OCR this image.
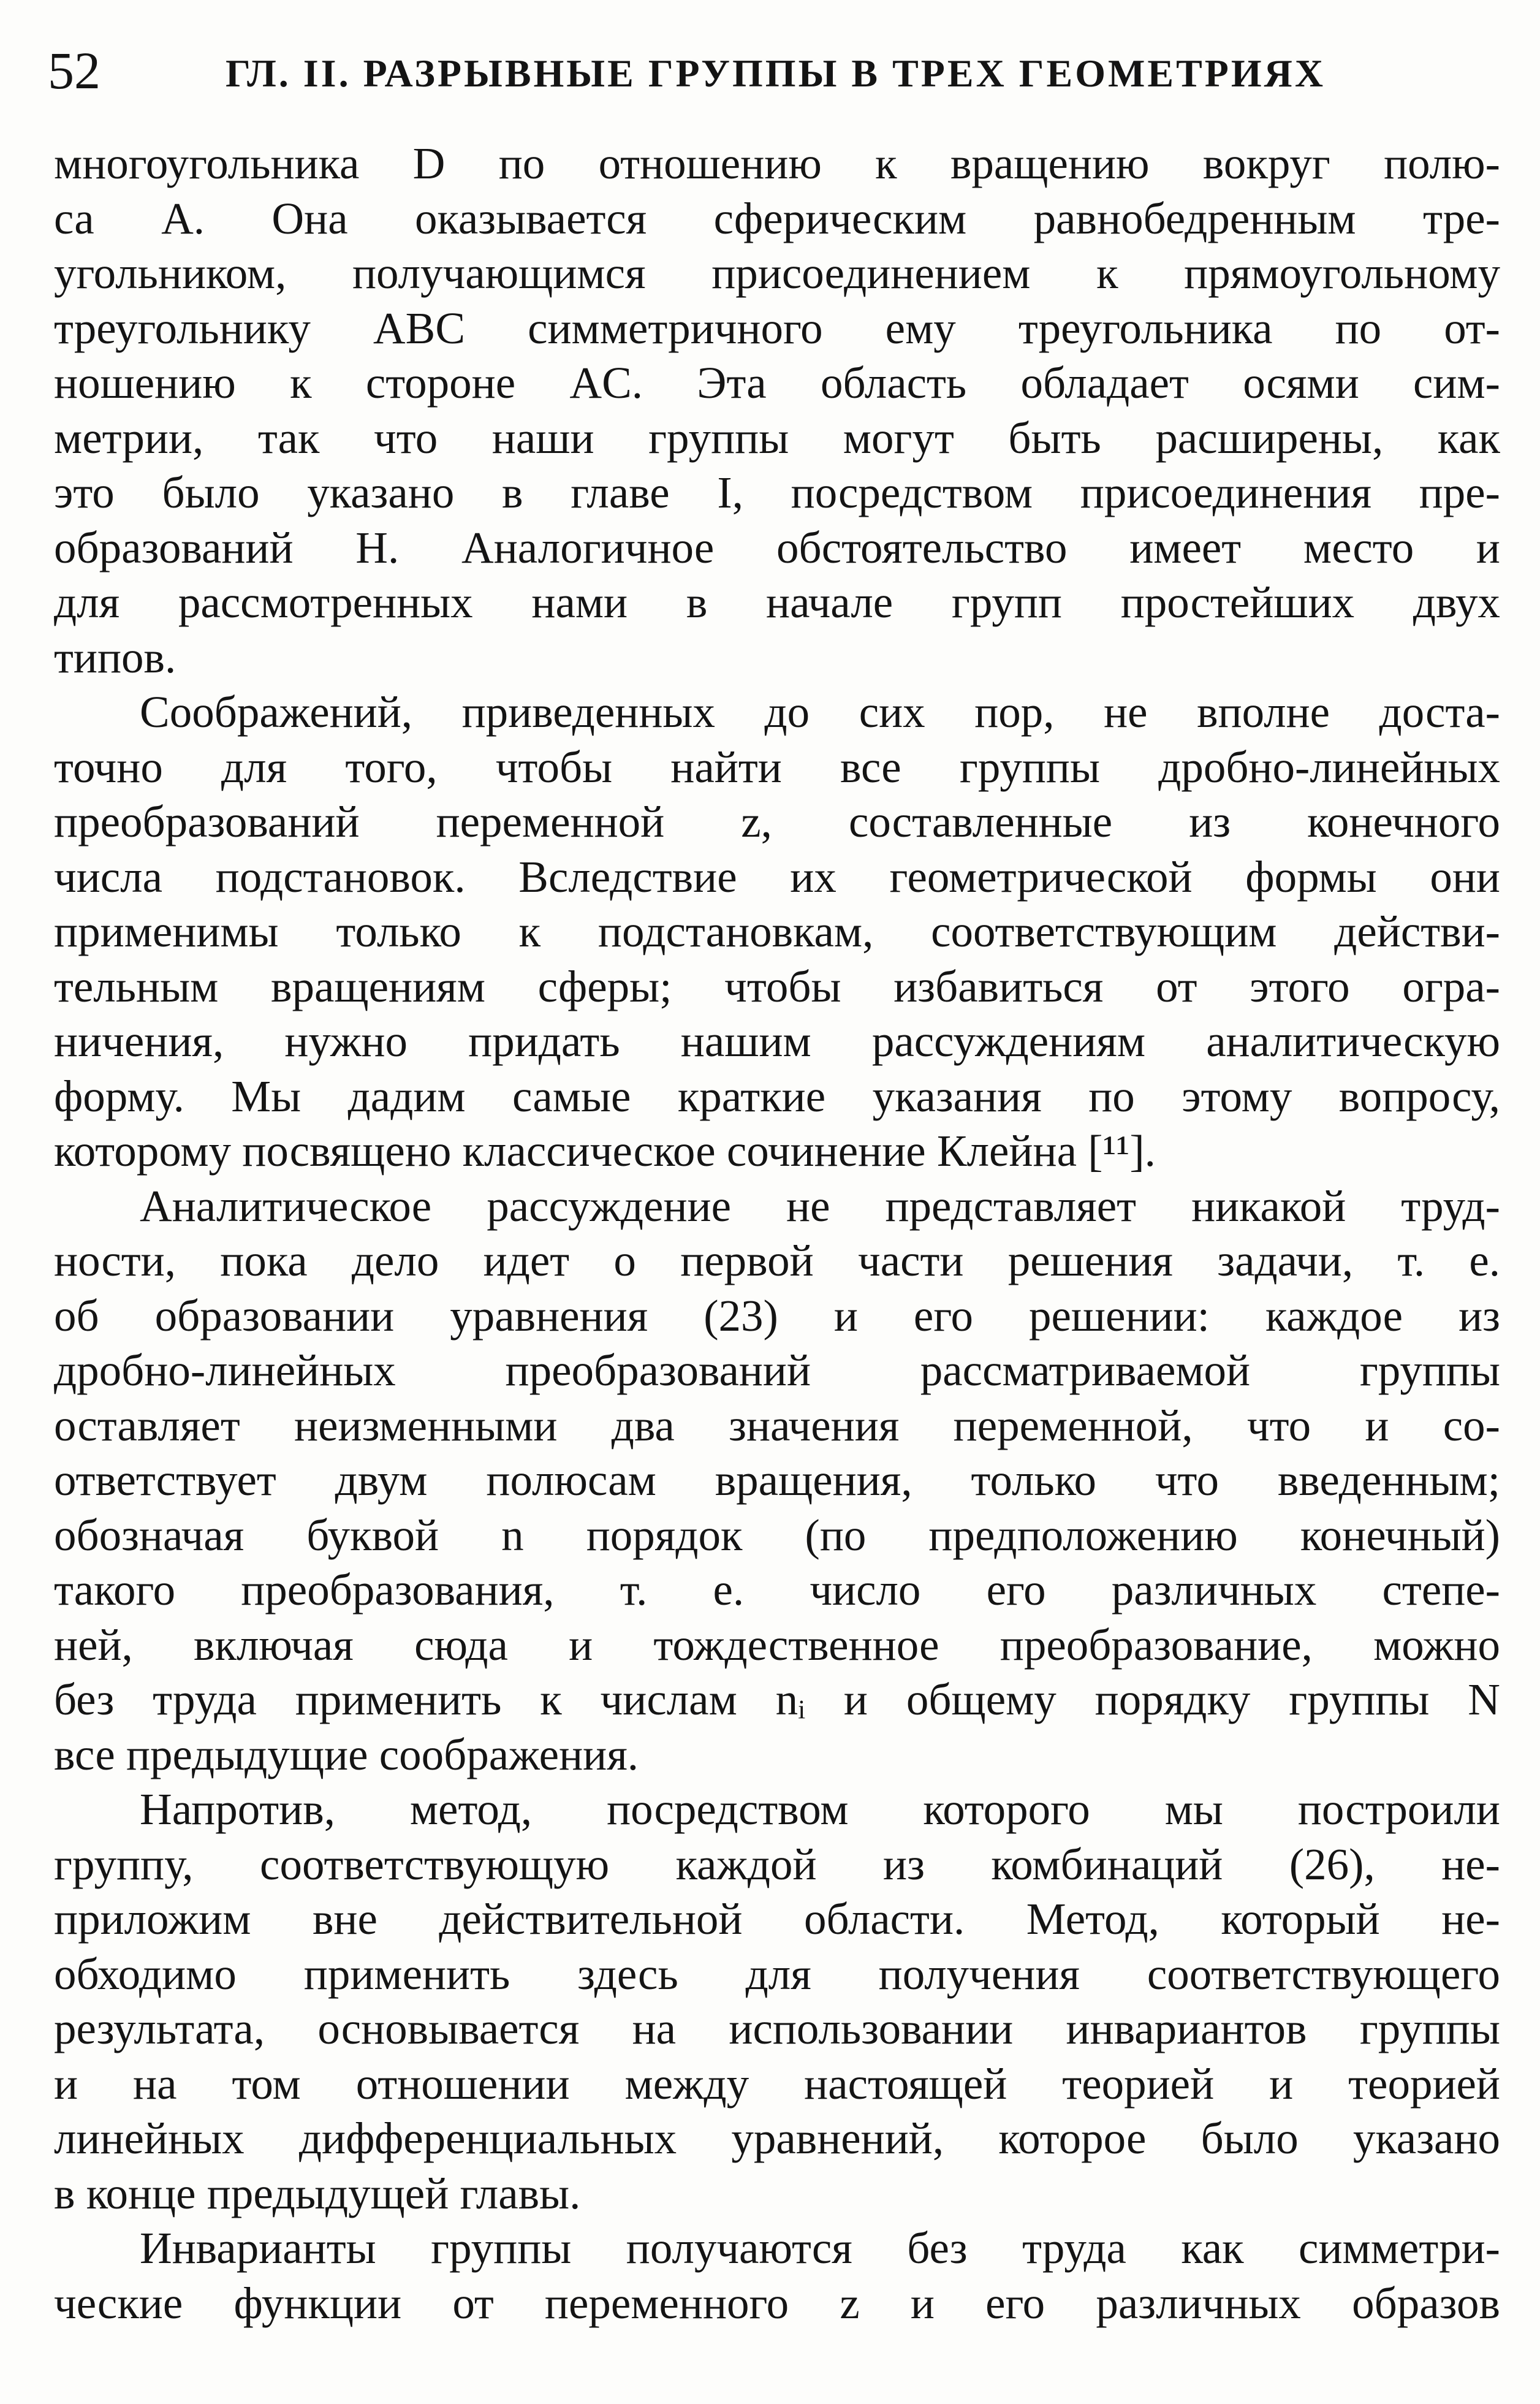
52	ГЛ. II. РАЗРЫВНЫЕ ГРУППЫ В ТРЕХ ГЕОМЕТРИЯХ

многоугольника D по отношению к вращению вокруг полю-
са A. Она оказывается сферическим равнобедренным тре-
угольником, получающимся присоединением к прямоугольному
треугольнику ABC симметричного ему треугольника по от-
ношению к стороне AC. Эта область обладает осями сим-
метрии, так что наши группы могут быть расширены, как
это было указано в главе I, посредством присоединения пре-
образований H. Аналогичное обстоятельство имеет место и
для рассмотренных нами в начале групп простейших двух
типов.

Соображений, приведенных до сих пор, не вполне доста-
точно для того, чтобы найти все группы дробно-линейных
преобразований переменной z, составленные из конечного
числа подстановок. Вследствие их геометрической формы они
применимы только к подстановкам, соответствующим действи-
тельным вращениям сферы; чтобы избавиться от этого огра-
ничения, нужно придать нашим рассуждениям аналитическую
форму. Мы дадим самые краткие указания по этому вопросу,
которому посвящено классическое сочинение Клейна [¹¹].

Аналитическое рассуждение не представляет никакой труд-
ности, пока дело идет о первой части решения задачи, т. е.
об образовании уравнения (23) и его решении: каждое из
дробно-линейных преобразований рассматриваемой группы
оставляет неизменными два значения переменной, что и со-
ответствует двум полюсам вращения, только что введенным;
обозначая буквой n порядок (по предположению конечный)
такого преобразования, т. е. число его различных степе-
ней, включая сюда и тождественное преобразование, можно
без труда применить к числам nᵢ и общему порядку группы N
все предыдущие соображения.

Напротив, метод, посредством которого мы построили
группу, соответствующую каждой из комбинаций (26), не-
приложим вне действительной области. Метод, который не-
обходимо применить здесь для получения соответствующего
результата, основывается на использовании инвариантов группы
и на том отношении между настоящей теорией и теорией
линейных дифференциальных уравнений, которое было указано
в конце предыдущей главы.

Инварианты группы получаются без труда как симметри-
ческие функции от переменного z и его различных образов
